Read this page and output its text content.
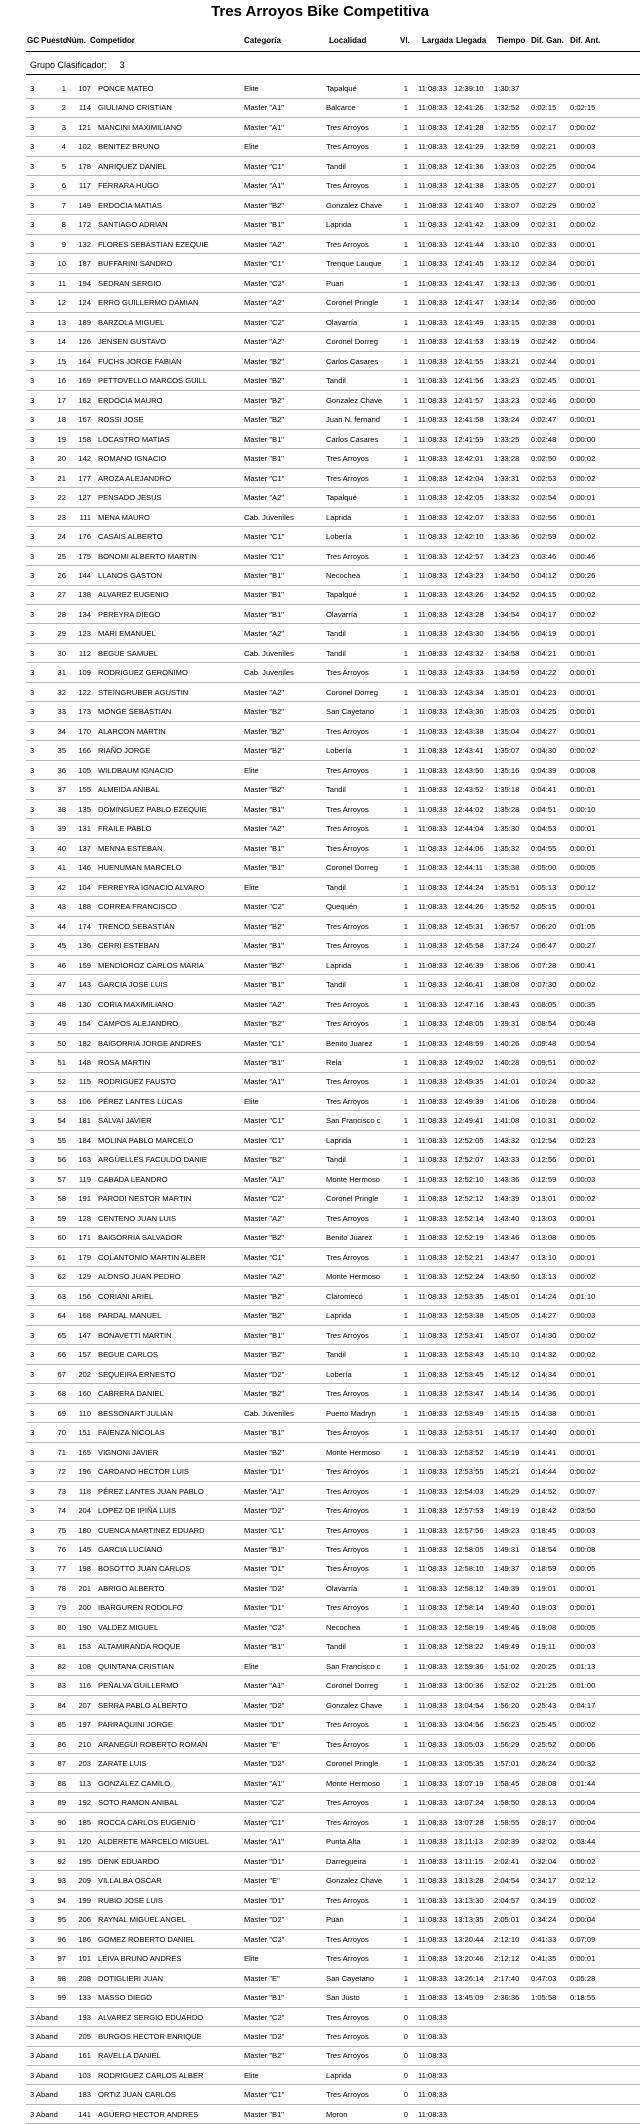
Tres Arroyos Bike Competitiva
GC Puesto
Núm. Competidor	Categoría	Localidad	Vl. Largada Llegada Tiempo Dif. Gan. Dif. Ant.
Grupo Clasificador: 3
3	1	107 PONCE MATEO	Elite	Tapalqué	1 11:08:33 12:39:10	1:30:37
3	2	114 GIULIANO CRISTIAN	Master "A1"	Balcarce	1 11:08:33 12:41:26	1:32:52	0:02:15	0:02:15
3	3	121 MANCINI MAXIMILIANO	Master "A1"	Tres Arroyos	1 11:08:33 12:41:28	1:32:55	0:02:17	0:00:02
3	4	102 BENITEZ BRUNO	Elite	Tres Arroyos	1 11:08:33 12:41:29	1:32:59	0:02:21	0:00:03
3	5	178 ANRIQUEZ DANIEL	Master "C1"	Tandil	1 11:08:33 12:41:36	1:33:03	0:02:25	0:00:04
3	6	117 FERRARA HUGO	Master "A1"	Tres Arroyos	1 11:08:33 12:41:38	1:33:05	0:02:27	0:00:01
3	7	149 ERDOCIA MATIAS	Master "B2"	Gonzalez Chave	1 11:08:33 12:41:40	1:33:07	0:02:29	0:00:02
3	8	172 SANTIAGO ADRIAN	Master "B1"	Laprida	1 11:08:33 12:41:42	1:33:09	0:02:31	0:00:02
3	9	132 FLORES SEBASTIAN EZEQUIE	Master "A2"	Tres Arroyos	1 11:08:33 12:41:44	1:33:10	0:02:33	0:00:01
3	10	187 BUFFARINI SANDRO	Master "C1"	Trenque Lauque	1 11:08:33 12:41:45	1:33:12	0:02:34	0:00:01
3	11	194 SEDRAN SERGIO	Master "C2"	Puan	1 11:08:33 12:41:47	1:33:13	0:02:36	0:00:01
3	12	124 ERRO GUILLERMO DAMIAN	Master "A2"	Coronel Pringle	1 11:08:33 12:41:47	1:33:14	0:02:36	0:00:00
3	13	189 BARZOLA MIGUEL	Master "C2"	Olavarría	1 11:08:33 12:41:49	1:33:15	0:02:38	0:00:01
3	14	126 JENSEN GUSTAVO	Master "A2"	Coronel Dorreg	1 11:08:33 12:41:53	1:33:19	0:02:42	0:00:04
3	15	164 FUCHS JORGE FABIAN	Master "B2"	Carlos Casares	1 11:08:33 12:41:55	1:33:21	0:02:44	0:00:01
3	16	169 PETTOVELLO MARCOS GUILL	Master "B2"	Tandil	1 11:08:33 12:41:56	1:33:23	0:02:45	0:00:01
3	17	162 ERDOCIA MAURO	Master "B2"	Gonzalez Chave	1 11:08:33 12:41:57	1:33:23	0:02:46	0:00:00
3	18	167 ROSSI JOSE	Master "B2"	Juan N. fernand	1 11:08:33 12:41:58	1:33:24	0:02:47	0:00:01
3	19	158 LOCASTRO MATIAS	Master "B1"	Carlos Casares	1 11:08:33 12:41:59	1:33:25	0:02:48	0:00:00
3	20	142 ROMANO IGNACIO	Master "B1"	Tres Arroyos	1 11:08:33 12:42:01	1:33:28	0:02:50	0:00:02
3	21	177 AROZA ALEJANDRO	Master "C1"	Tres Arroyos	1 11:08:33 12:42:04	1:33:31	0:02:53	0:00:02
3	22	127 PENSADO JESUS	Master "A2"	Tapalqué	1 11:08:33 12:42:05	1:33:32	0:02:54	0:00:01
3	23	111 MENA MAURO	Cab. Juveniles	Laprida	1 11:08:33 12:42:07	1:33:33	0:02:56	0:00:01
3	24	176 CASAIS ALBERTO	Master "C1"	Lobería	1 11:08:33 12:42:10	1:33:36	0:02:59	0:00:02
3	25	175 BONOMI ALBERTO MARTIN	Master "C1"	Tres Arroyos	1 11:08:33 12:42:57	1:34:23	0:03:46	0:00:46
3	26	144 LLANOS GASTON	Master "B1"	Necochea	1 11:08:33 12:43:23	1:34:50	0:04:12	0:00:26
3	27	138 ALVAREZ EUGENIO	Master "B1"	Tapalqué	1 11:08:33 12:43:26	1:34:52	0:04:15	0:00:02
3	28	134 PEREYRA DIEGO	Master "B1"	Olavarría	1 11:08:33 12:43:28	1:34:54	0:04:17	0:00:02
3	29	123 MARI EMANUEL	Master "A2"	Tandil	1 11:08:33 12:43:30	1:34:56	0:04:19	0:00:01
3	30	112 BEGUE SAMUEL	Cab. Juveniles	Tandil	1 11:08:33 12:43:32	1:34:58	0:04:21	0:00:01
3	31	109 RODRIGUEZ GERONIMO	Cab. Juveniles	Tres Arroyos	1 11:08:33 12:43:33	1:34:59	0:04:22	0:00:01
3	32	122 STEINGRUBER AGUSTIN	Master "A2"	Coronel Dorreg	1 11:08:33 12:43:34	1:35:01	0:04:23	0:00:01
3	33	173 MONGE SEBASTIAN	Master "B2"	San Cayetano	1 11:08:33 12:43:36	1:35:03	0:04:25	0:00:01
3	34	170 ALARCON MARTIN	Master "B2"	Tres Arroyos	1 11:08:33 12:43:38	1:35:04	0:04:27	0:00:01
3	35	166 RIAÑO JORGE	Master "B2"	Lobería	1 11:08:33 12:43:41	1:35:07	0:04:30	0:00:02
3	36	105 WILDBAUM IGNACIO	Elite	Tres Arroyos	1 11:08:33 12:43:50	1:35:16	0:04:39	0:00:08
3	37	155 ALMEIDA ANIBAL	Master "B2"	Tandil	1 11:08:33 12:43:52	1:35:18	0:04:41	0:00:01
3	38	135 DOMINGUEZ PABLO EZEQUIE	Master "B1"	Tres Arroyos	1 11:08:33 12:44:02	1:35:28	0:04:51	0:00:10
3	39	131 FRAILE PABLO	Master "A2"	Tres Arroyos	1 11:08:33 12:44:04	1:35:30	0:04:53	0:00:01
3	40	137 MENNA ESTEBAN	Master "B1"	Tres Arroyos	1 11:08:33 12:44:06	1:35:32	0:04:55	0:00:01
3	41	146 HUENUMAN MARCELO	Master "B1"	Coronel Dorreg	1 11:08:33 12:44:11	1:35:38	0:05:00	0:00:05
3	42	104 FERREYRA IGNACIO ALVARO	Elite	Tandil	1 11:08:33 12:44:24	1:35:51	0:05:13	0:00:12
3	43	188 CORREA FRANCISCO	Master "C2"	Quequén	1 11:08:33 12:44:26	1:35:52	0:05:15	0:00:01
3	44	174 TRENCO SEBASTIÁN	Master "B2"	Tres Arroyos	1 11:08:33 12:45:31	1:36:57	0:06:20	0:01:05
3	45	136 CERRI ESTEBAN	Master "B1"	Tres Arroyos	1 11:08:33 12:45:58	1:37:24	0:06:47	0:00:27
3	46	159 MENDIOROZ CARLOS MARIA	Master "B2"	Laprida	1 11:08:33 12:46:39	1:38:06	0:07:28	0:00:41
3	47	143 GARCIA JOSE LUIS	Master "B1"	Tandil	1 11:08:33 12:46:41	1:38:08	0:07:30	0:00:02
3	48	130 CORIA MAXIMILIANO	Master "A2"	Tres Arroyos	1 11:08:33 12:47:16	1:38:43	0:08:05	0:00:35
3	49	154 CAMPOS ALEJANDRO	Master "B2"	Tres Arroyos	1 11:08:33 12:48:05	1:39:31	0:08:54	0:00:48
3	50	182 BAIGORRIA JORGE ANDRES	Master "C1"	Benito Juarez	1 11:08:33 12:48:59	1:40:26	0:09:48	0:00:54
3	51	148 ROSA MARTIN	Master "B1"	Rela	1 11:08:33 12:49:02	1:40:28	0:09:51	0:00:02
3	52	115 RODRIGUEZ FAUSTO	Master "A1"	Tres Arroyos	1 11:08:33 12:49:35	1:41:01	0:10:24	0:00:32
3	53	106 PÉREZ LANTES LUCAS	Elite	Tres Arroyos	1 11:08:33 12:49:39	1:41:06	0:10:28	0:00:04
3	54	181 SALVAI JAVIER	Master "C1"	San Francisco c	1 11:08:33 12:49:41	1:41:08	0:10:31	0:00:02
3	55	184 MOLINA PABLO MARCELO	Master "C1"	Laprida	1 11:08:33 12:52:05	1:43:32	0:12:54	0:02:23
3	56	163 ARGÜELLES FACULDO DANIE	Master "B2"	Tandil	1 11:08:33 12:52:07	1:43:33	0:12:56	0:00:01
3	57	119 CABADA LEANDRO	Master "A1"	Monte Hermoso	1 11:08:33 12:52:10	1:43:36	0:12:59	0:00:03
3	58	191 PARODI NESTOR MARTIN	Master "C2"	Coronel Pringle	1 11:08:33 12:52:12	1:43:39	0:13:01	0:00:02
3	59	128 CENTENO JUAN LUIS	Master "A2"	Tres Arroyos	1 11:08:33 12:52:14	1:43:40	0:13:03	0:00:01
3	60	171 BAIGORRIA SALVADOR	Master "B2"	Benito Juarez	1 11:08:33 12:52:19	1:43:46	0:13:08	0:00:05
3	61	179 COLANTONIO MARTIN ALBER	Master "C1"	Tres Arroyos	1 11:08:33 12:52:21	1:43:47	0:13:10	0:00:01
3	62	129 ALONSO JUAN PEDRO	Master "A2"	Monte Hermoso	1 11:08:33 12:52:24	1:43:50	0:13:13	0:00:02
3	63	156 CORIANI ARIEL	Master "B2"	Claromecó	1 11:08:33 12:53:35	1:45:01	0:14:24	0:01:10
3	64	168 PARDAL MANUEL	Master "B2"	Laprida	1 11:08:33 12:53:38	1:45:05	0:14:27	0:00:03
3	65	147 BONAVETTI MARTIN	Master "B1"	Tres Arroyos	1 11:08:33 12:53:41	1:45:07	0:14:30	0:00:02
3	66	157 BEGUE CARLOS	Master "B2"	Tandil	1 11:08:33 12:53:43	1:45:10	0:14:32	0:00:02
3	67	202 SEQUEIRA ERNESTO	Master "D2"	Lobería	1 11:08:33 12:53:45	1:45:12	0:14:34	0:00:01
3	68	160 CABRERA DANIEL	Master "B2"	Tres Arroyos	1 11:08:33 12:53:47	1:45:14	0:14:36	0:00:01
3	69	110 BESSONART JULIAN	Cab. Juveniles	Puerto Madryn	1 11:08:33 12:53:49	1:45:15	0:14:38	0:00:01
3	70	151 FAIENZA NICOLAS	Master "B1"	Tres Arroyos	1 11:08:33 12:53:51	1:45:17	0:14:40	0:00:01
3	71	165 VIGNONI JAVIER	Master "B2"	Monte Hermoso	1 11:08:33 12:53:52	1:45:19	0:14:41	0:00:01
3	72	196 CARDANO HECTOR LUIS	Master "D1"	Tres Arroyos	1 11:08:33 12:53:55	1:45:21	0:14:44	0:00:02
3	73	118 PÉREZ LANTES JUAN PABLO	Master "A1"	Tres Arroyos	1 11:08:33 12:54:03	1:45:29	0:14:52	0:00:07
3	74	204 LOPEZ DE IPIÑA LUIS	Master "D2"	Tres Arroyos	1 11:08:33 12:57:53	1:49:19	0:18:42	0:03:50
3	75	180 CUENCA MARTINEZ EDUARD	Master "C1"	Tres Arroyos	1 11:08:33 12:57:56	1:49:23	0:18:45	0:00:03
3	76	145 GARCIA LUCIANO	Master "B1"	Tres Arroyos	1 11:08:33 12:58:05	1:49:31	0:18:54	0:00:08
3	77	198 BOSOTTO JUAN CARLOS	Master "D1"	Tres Arroyos	1 11:08:33 12:58:10	1:49:37	0:18:59	0:00:05
3	78	201 ABRIGO ALBERTO	Master "D2"	Olavarría	1 11:08:33 12:58:12	1:49:39	0:19:01	0:00:01
3	79	200 IBARGUREN RODOLFO	Master "D1"	Tres Arroyos	1 11:08:33 12:58:14	1:49:40	0:19:03	0:00:01
3	80	190 VALDEZ MIGUEL	Master "C2"	Necochea	1 11:08:33 12:58:19	1:49:46	0:19:08	0:00:05
3	81	153 ALTAMIRANDA ROQUE	Master "B1"	Tandil	1 11:08:33 12:58:22	1:49:49	0:19:11	0:00:03
3	82	108 QUINTANA CRISTIAN	Elite	San Francisco c	1 11:08:33 12:59:36	1:51:02	0:20:25	0:01:13
3	83	116 PEÑALVA GUILLERMO	Master "A1"	Coronel Dorreg	1 11:08:33 13:00:36	1:52:02	0:21:25	0:01:00
3	84	207 SERRA PABLO ALBERTO	Master "D2"	Gonzalez Chave	1 11:08:33 13:04:54	1:56:20	0:25:43	0:04:17
3	85	197 PARRAQUINI JORGE	Master "D1"	Tres Arroyos	1 11:08:33 13:04:56	1:56:23	0:25:45	0:00:02
3	86	210 ARANEGUI ROBERTO ROMAN	Master "E"	Tres Arroyos	1 11:08:33 13:05:03	1:56:29	0:25:52	0:00:06
3	87	203 ZARATE LUIS	Master "D2"	Coronel Pringle	1 11:08:33 13:05:35	1:57:01	0:26:24	0:00:32
3	88	113 GONZALEZ CAMILO	Master "A1"	Monte Hermoso	1 11:08:33 13:07:19	1:58:45	0:28:08	0:01:44
3	89	192 SOTO RAMON ANIBAL	Master "C2"	Tres Arroyos	1 11:08:33 13:07:24	1:58:50	0:28:13	0:00:04
3	90	185 ROCCA CARLOS EUGENIO	Master "C1"	Tres Arroyos	1 11:08:33 13:07:28	1:58:55	0:28:17	0:00:04
3	91	120 ALDERETE MARCELO MIGUEL	Master "A1"	Punta Alta	1 11:08:33 13:11:13	2:02:39	0:32:02	0:03:44
3	92	195 DENK EDUARDO	Master "D1"	Darregueira	1 11:08:33 13:11:15	2:02:41	0:32:04	0:00:02
3	93	209 VILLALBA OSCAR	Master "E"	Gonzalez Chave	1 11:08:33 13:13:28	2:04:54	0:34:17	0:02:12
3	94	199 RUBIO JOSE LUIS	Master "D1"	Tres Arroyos	1 11:08:33 13:13:30	2:04:57	0:34:19	0:00:02
3	95	206 RAYNAL MIGUEL ANGEL	Master "D2"	Puan	1 11:08:33 13:13:35	2:05:01	0:34:24	0:00:04
3	96	186 GOMEZ ROBERTO DANIEL	Master "C2"	Tres Arroyos	1 11:08:33 13:20:44	2:12:10	0:41:33	0:07:09
3	97	101 LEIVA BRUNO ANDRES	Elite	Tres Arroyos	1 11:08:33 13:20:46	2:12:12	0:41:35	0:00:01
3	98	208 DOTIGLIERI JUAN	Master "E"	San Cayetano	1 11:08:33 13:26:14	2:17:40	0:47:03	0:05:28
3	99	133 MASSO DIEGO	Master "B1"	San Justo	1 11:08:33 13:45:09	2:36:36	1:05:58	0:18:55
3 Aband	193 ALVAREZ SERGIO EDUARDO	Master "C2"	Tres Arroyos	0 11:08:33
3 Aband	205 BURGOS HECTOR ENRIQUE	Master "D2"	Tres Arroyos	0 11:08:33
3 Aband	161 RAVELLA DANIEL	Master "B2"	Tres Arroyos	0 11:08:33
3 Aband	103 RODRIGUEZ CARLOS ALBER	Elite	Laprida	0 11:08:33
3 Aband	183 ORTIZ JUAN CARLOS	Master "C1"	Tres Arroyos	0 11:08:33
3 Aband	141 AGÜERO HECTOR ANDRES	Master "B1"	Moron	0 11:08:33
